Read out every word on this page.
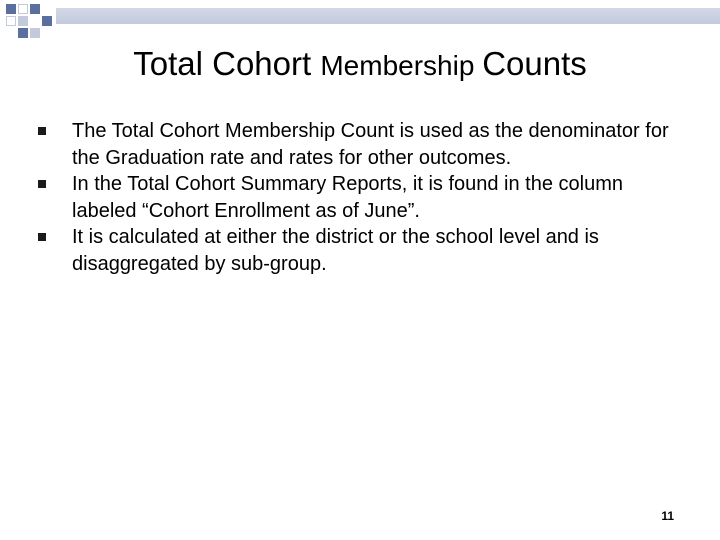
Total Cohort Membership Counts
The Total Cohort Membership Count is used as the denominator for the Graduation rate and rates for other outcomes.
In the Total Cohort Summary Reports, it is found in the column labeled “Cohort Enrollment as of June”.
It is calculated at either the district or the school level and is disaggregated by sub-group.
11
